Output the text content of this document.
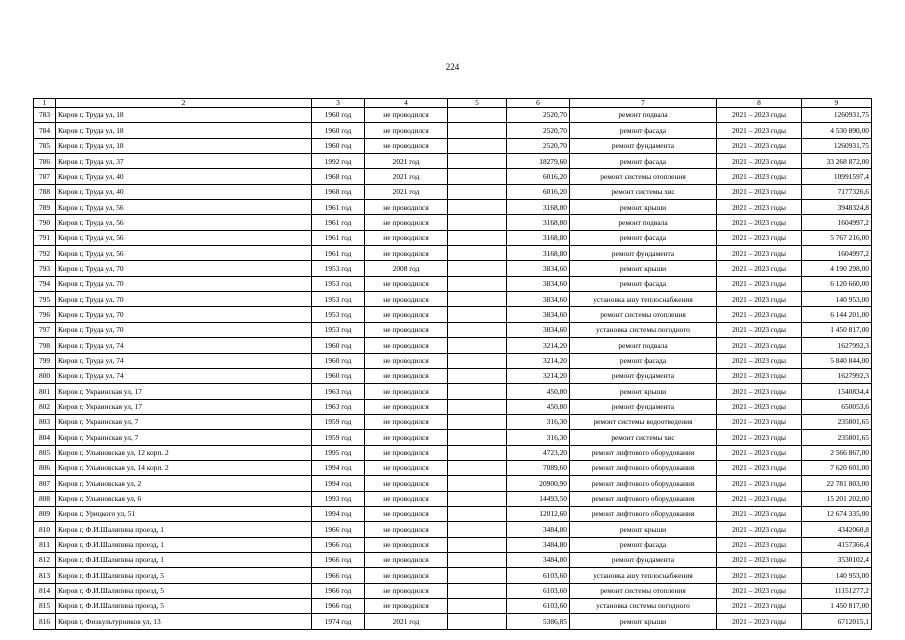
224
1	2	3	4	5	6	7	8	9
783	Киров г, Труда ул, 18	1960 год	не проводился		2520,70	ремонт подвала	2021 – 2023 годы	1260931,75
784	Киров г, Труда ул, 18	1960 год	не проводился		2520,70	ремонт фасада	2021 – 2023 годы	4 530 890,00
785	Киров г, Труда ул, 18	1960 год	не проводился		2520,70	ремонт фундамента	2021 – 2023 годы	1260931,75
786	Киров г, Труда ул, 37	1992 год	2021 год		18279,60	ремонт фасада	2021 – 2023 годы	33 268 872,00
787	Киров г, Труда ул, 40	1968 год	2021 год		6016,20	ремонт системы отопления	2021 – 2023 годы	10991597,4
788	Киров г, Труда ул, 40	1968 год	2021 год		6016,20	ремонт системы хвс	2021 – 2023 годы	7177326,6
789	Киров г, Труда ул, 56	1961 год	не проводился		3168,80	ремонт крыши	2021 – 2023 годы	3948324,8
790	Киров г, Труда ул, 56	1961 год	не проводился		3168,80	ремонт подвала	2021 – 2023 годы	1604997,2
791	Киров г, Труда ул, 56	1961 год	не проводился		3168,80	ремонт фасада	2021 – 2023 годы	5 767 216,00
792	Киров г, Труда ул, 56	1961 год	не проводился		3168,80	ремонт фундамента	2021 – 2023 годы	1604997,2
793	Киров г, Труда ул, 70	1953 год	2008 год		3834,60	ремонт крыши	2021 – 2023 годы	4 190 298,00
794	Киров г, Труда ул, 70	1953 год	не проводился		3834,60	ремонт фасада	2021 – 2023 годы	6 120 660,00
795	Киров г, Труда ул, 70	1953 год	не проводился		3834,60	установка ашу теплоснабжения	2021 – 2023 годы	140 953,00
796	Киров г, Труда ул, 70	1953 год	не проводился		3834,60	ремонт системы отопления	2021 – 2023 годы	6 144 201,00
797	Киров г, Труда ул, 70	1953 год	не проводился		3834,60	установка системы погодного	2021 – 2023 годы	1 450 817,00
798	Киров г, Труда ул, 74	1960 год	не проводился		3214,20	ремонт подвала	2021 – 2023 годы	1627992,3
799	Киров г, Труда ул, 74	1960 год	не проводился		3214,20	ремонт фасада	2021 – 2023 годы	5 840 844,00
800	Киров г, Труда ул, 74	1960 год	не проводился		3214,20	ремонт фундамента	2021 – 2023 годы	1627992,3
801	Киров г, Украинская ул, 17	1963 год	не проводился		450,80	ремонт крыши	2021 – 2023 годы	1540834,4
802	Киров г, Украинская ул, 17	1963 год	не проводился		450,80	ремонт фундамента	2021 – 2023 годы	650053,6
803	Киров г, Украинская ул, 7	1959 год	не проводился		316,30	ремонт системы водоотведения	2021 – 2023 годы	235801,65
804	Киров г, Украинская ул, 7	1959 год	не проводился		316,30	ремонт системы хвс	2021 – 2023 годы	235801,65
805	Киров г, Ульяновская ул, 12 корп. 2	1995 год	не проводился		4723,20	ремонт лифтового оборудования	2021 – 2023 годы	2 566 867,00
806	Киров г, Ульяновская ул, 14 корп. 2	1994 год	не проводился		7089,60	ремонт лифтового оборудования	2021 – 2023 годы	7 620 601,00
807	Киров г, Ульяновская ул, 2	1994 год	не проводился		20900,90	ремонт лифтового оборудования	2021 – 2023 годы	22 781 803,00
808	Киров г, Ульяновская ул, 6	1993 год	не проводился		14493,50	ремонт лифтового оборудования	2021 – 2023 годы	15 201 202,00
809	Киров г, Урицкого ул, 51	1994 год	не проводился		12012,60	ремонт лифтового оборудования	2021 – 2023 годы	12 674 335,00
810	Киров г, Ф.И.Шаляпина проезд, 1	1966 год	не проводился		3484,80	ремонт крыши	2021 – 2023 годы	4342060,8
811	Киров г, Ф.И.Шаляпина проезд, 1	1966 год	не проводился		3484,80	ремонт фасада	2021 – 2023 годы	4157366,4
812	Киров г, Ф.И.Шаляпина проезд, 1	1966 год	не проводился		3484,80	ремонт фундамента	2021 – 2023 годы	3530102,4
813	Киров г, Ф.И.Шаляпина проезд, 5	1966 год	не проводился		6103,60	установка ашу теплоснабжения	2021 – 2023 годы	140 953,00
814	Киров г, Ф.И.Шаляпина проезд, 5	1966 год	не проводился		6103,60	ремонт системы отопления	2021 – 2023 годы	11151277,2
815	Киров г, Ф.И.Шаляпина проезд, 5	1966 год	не проводился		6103,60	установка системы погодного	2021 – 2023 годы	1 450 817,00
816	Киров г, Физкультурников ул, 13	1974 год	2021 год		5386,85	ремонт крыши	2021 – 2023 годы	6712015,1
